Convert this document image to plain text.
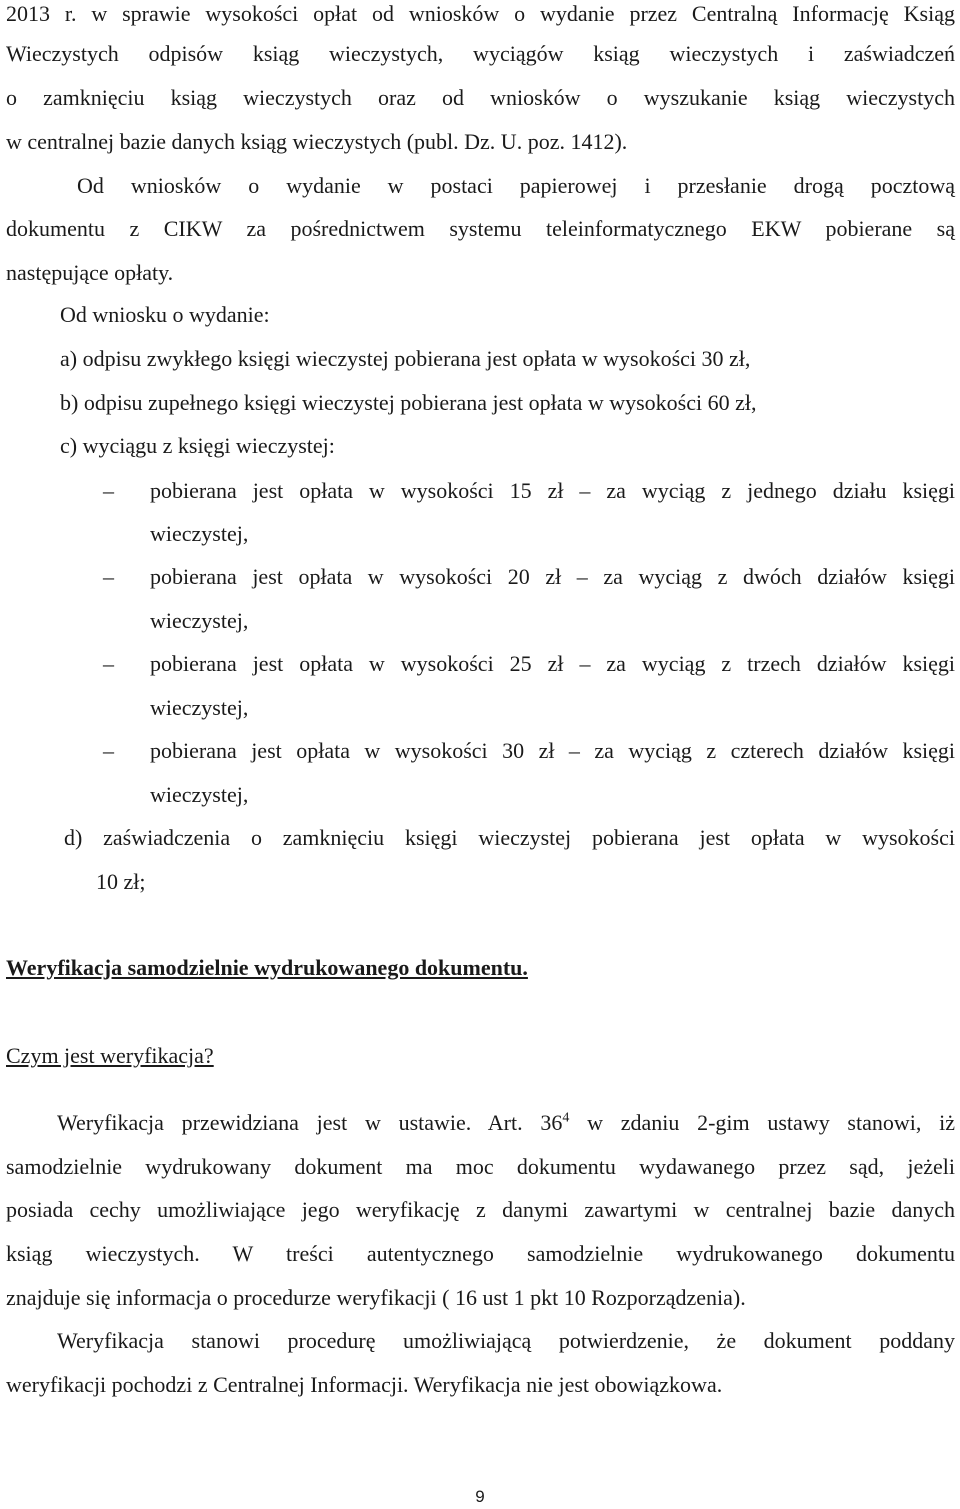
2013 r. w sprawie wysokości opłat od wniosków o wydanie przez Centralną Informację Ksiąg
Wieczystych odpisów ksiąg wieczystych, wyciągów ksiąg wieczystych i zaświadczeń
o zamknięciu ksiąg wieczystych oraz od wniosków o wyszukanie ksiąg wieczystych
w centralnej bazie danych ksiąg wieczystych (publ. Dz. U. poz. 1412).
Od wniosków o wydanie w postaci papierowej i przesłanie drogą pocztową
dokumentu z CIKW za pośrednictwem systemu teleinformatycznego EKW pobierane są
następujące opłaty.
Od wniosku o wydanie:
a) odpisu zwykłego księgi wieczystej pobierana jest opłata w wysokości 30 zł,
b) odpisu zupełnego księgi wieczystej pobierana jest opłata w wysokości 60 zł,
c) wyciągu z księgi wieczystej:
– pobierana jest opłata w wysokości 15 zł – za wyciąg z jednego działu księgi
wieczystej,
– pobierana jest opłata w wysokości 20 zł – za wyciąg z dwóch działów księgi
wieczystej,
– pobierana jest opłata w wysokości 25 zł – za wyciąg z trzech działów księgi
wieczystej,
– pobierana jest opłata w wysokości 30 zł – za wyciąg z czterech działów księgi
wieczystej,
d) zaświadczenia o zamknięciu księgi wieczystej pobierana jest opłata w wysokości
10 zł;
Weryfikacja samodzielnie wydrukowanego dokumentu.
Czym jest weryfikacja?
Weryfikacja przewidziana jest w ustawie. Art. $36^4$ w zdaniu 2-gim ustawy stanowi, iż
samodzielnie wydrukowany dokument ma moc dokumentu wydawanego przez sąd, jeżeli
posiada cechy umożliwiające jego weryfikację z danymi zawartymi w centralnej bazie danych
ksiąg wieczystych. W treści autentycznego samodzielnie wydrukowanego dokumentu
znajduje się informacja o procedurze weryfikacji ( 16 ust 1 pkt 10 Rozporządzenia).
Weryfikacja stanowi procedurę umożliwiającą potwierdzenie, że dokument poddany
weryfikacji pochodzi z Centralnej Informacji. Weryfikacja nie jest obowiązkowa.
9
